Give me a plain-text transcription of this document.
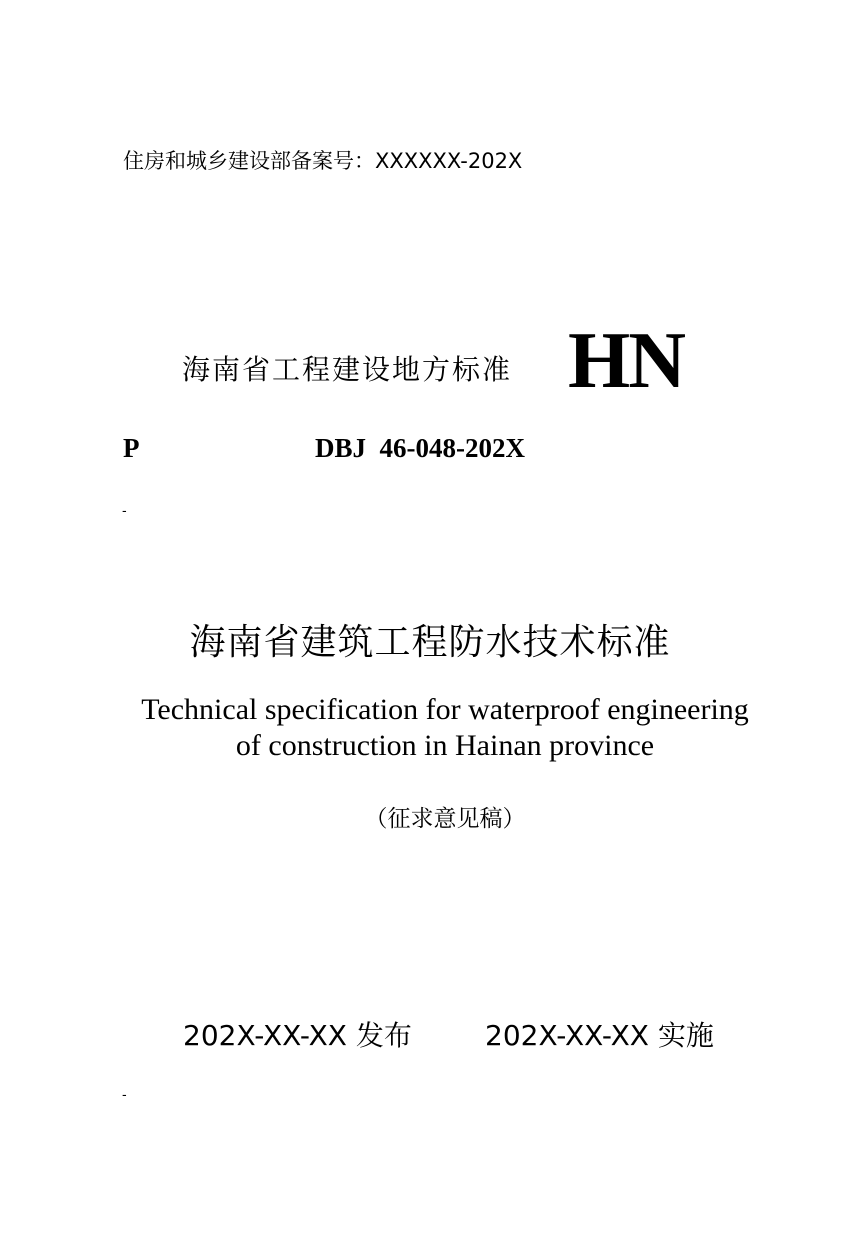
住房和城乡建设部备案号：XXXXXX-202X
海南省工程建设地方标准 HN
P	DBJ  46-048-202X
-
海南省建筑工程防水技术标准
Technical specification for waterproof engineering
of construction in Hainan province
（征求意见稿）
202X-XX-XX 发布	202X-XX-XX 实施
-
